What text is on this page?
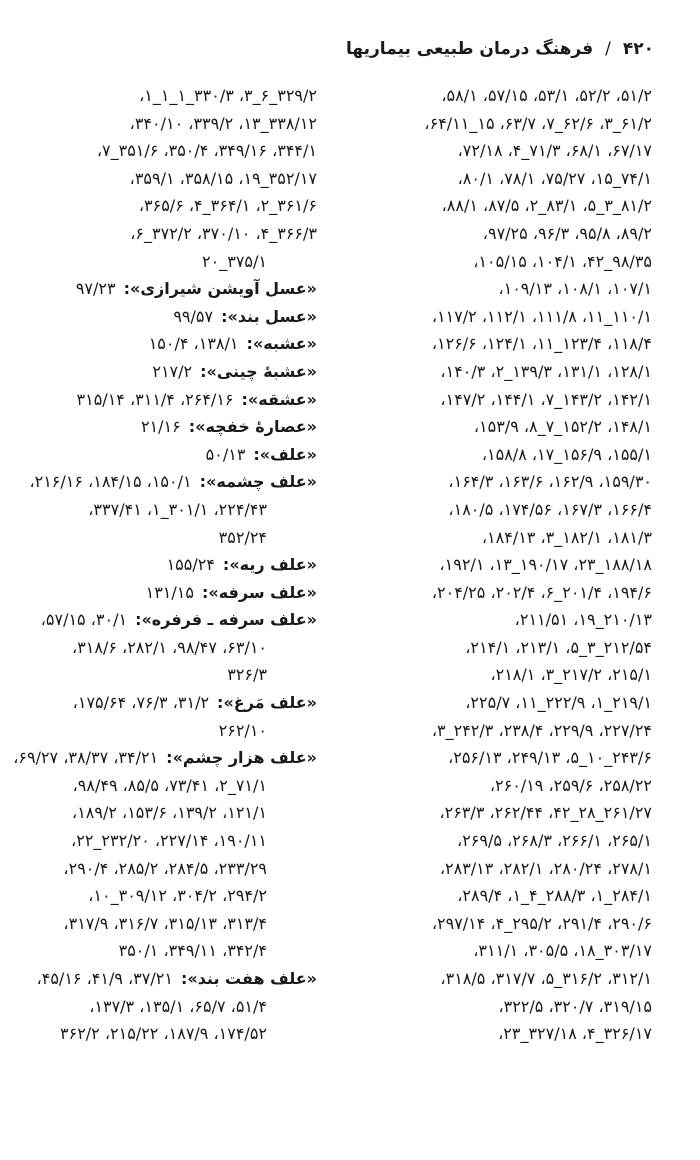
۴۲۰
/
فرهنگ درمان طبیعی بیماریها
۵۱/۲، ۵۲/۲، ۵۳/۱، ۵۷/۱۵، ۵۸/۱،
۶۱/۲_۳، ۶۲/۶_۷، ۶۳/۷، ۱۵_۶۴/۱۱،
۶۷/۱۷، ۶۸/۱، ۷۱/۳_۴، ۷۲/۱۸،
۷۴/۱_۱۵، ۷۵/۲۷، ۷۸/۱، ۸۰/۱،
۸۱/۲_۳_۵، ۸۳/۱_۲، ۸۷/۵، ۸۸/۱،
۸۹/۲، ۹۵/۸، ۹۶/۳، ۹۷/۲۵،
۹۸/۳۵_۴۲، ۱۰۴/۱، ۱۰۵/۱۵،
۱۰۷/۱، ۱۰۸/۱، ۱۰۹/۱۳،
۱۱۰/۱_۱۱، ۱۱۱/۸، ۱۱۲/۱، ۱۱۷/۲،
۱۱۸/۴، ۱۲۳/۴_۱۱، ۱۲۴/۱، ۱۲۶/۶،
۱۲۸/۱، ۱۳۱/۱، ۱۳۹/۳_۲، ۱۴۰/۳،
۱۴۲/۱، ۱۴۳/۲_۷، ۱۴۴/۱، ۱۴۷/۲،
۱۴۸/۱، ۱۵۲/۲_۷_۸، ۱۵۳/۹،
۱۵۵/۱، ۱۵۶/۹_۱۷، ۱۵۸/۸،
۱۵۹/۳۰، ۱۶۲/۹، ۱۶۳/۶، ۱۶۴/۳،
۱۶۶/۴، ۱۶۷/۳، ۱۷۴/۵۶، ۱۸۰/۵،
۱۸۱/۳، ۱۸۲/۱_۳، ۱۸۴/۱۳،
۱۸۸/۱۸_۲۳، ۱۹۰/۱۷_۱۳، ۱۹۲/۱،
۱۹۴/۶، ۲۰۱/۴_۶، ۲۰۲/۴، ۲۰۴/۲۵،
۲۱۰/۱۳_۱۹، ۲۱۱/۵۱،
۲۱۲/۵۴_۳_۵، ۲۱۳/۱، ۲۱۴/۱،
۲۱۵/۱، ۲۱۷/۲_۳، ۲۱۸/۱،
۲۱۹/۱_۱، ۲۲۲/۹_۱۱، ۲۲۵/۷،
۲۲۷/۲۴، ۲۲۹/۹، ۲۳۸/۴، ۲۴۲/۳_۳،
۲۴۳/۶_۱۰_۵، ۲۴۹/۱۳، ۲۵۶/۱۳،
۲۵۸/۲۲، ۲۵۹/۶، ۲۶۰/۱۹،
۲۶۱/۲۷_۲۸_۴۲، ۲۶۲/۴۴، ۲۶۳/۳،
۲۶۵/۱، ۲۶۶/۱، ۲۶۸/۳، ۲۶۹/۵،
۲۷۸/۱، ۲۸۰/۲۴، ۲۸۲/۱، ۲۸۳/۱۳،
۲۸۴/۱_۱، ۲۸۸/۳_۴_۱، ۲۸۹/۴،
۲۹۰/۶، ۲۹۱/۴، ۲۹۵/۲_۴، ۲۹۷/۱۴،
۳۰۳/۱۷_۱۸، ۳۰۵/۵، ۳۱۱/۱،
۳۱۲/۱، ۳۱۶/۲_۵، ۳۱۷/۷، ۳۱۸/۵،
۳۱۹/۱۵، ۳۲۰/۷، ۳۲۲/۵،
۳۲۶/۱۷_۴، ۳۲۷/۱۸_۲۳،
۳۲۹/۲_۶_۳، ۳۳۰/۳_۱_۱_۱،
۳۳۸/۱۲_۱۳، ۳۳۹/۲، ۳۴۰/۱۰،
۳۴۴/۱، ۳۴۹/۱۶، ۳۵۰/۴، ۳۵۱/۶_۷،
۳۵۲/۱۷_۱۹، ۳۵۸/۱۵، ۳۵۹/۱،
۳۶۱/۶_۲، ۳۶۴/۱_۴، ۳۶۵/۶،
۳۶۶/۳_۴، ۳۷۰/۱۰، ۳۷۲/۲_۶،
۳۷۵/۱_۲۰
«عسل آویشن شیرازی»:۹۷/۲۳
«عسل بند»:۹۹/۵۷
«عشبه»:۱۳۸/۱، ۱۵۰/۴
«عشبهٔ چینی»:۲۱۷/۲
«عشقه»:۲۶۴/۱۶، ۳۱۱/۴، ۳۱۵/۱۴
«عصارهٔ خفچه»:۲۱/۱۶
«علف»:۵۰/۱۳
«علف چشمه»:۱۵۰/۱، ۱۸۴/۱۵، ۲۱۶/۱۶،
۲۲۴/۴۳، ۳۰۱/۱_۱، ۳۳۷/۴۱،
۳۵۲/۲۴
«علف ریه»:۱۵۵/۲۴
«علف سرفه»:۱۳۱/۱۵
«علف سرفه ـ فرفره»:۳۰/۱، ۵۷/۱۵،
۶۳/۱۰، ۹۸/۴۷، ۲۸۲/۱، ۳۱۸/۶،
۳۲۶/۳
«علف مَرغ»:۳۱/۲، ۷۶/۳، ۱۷۵/۶۴،
۲۶۲/۱۰
«علف هزار چشم»:۳۴/۲۱، ۳۸/۳۷، ۶۹/۲۷،
۷۱/۱_۲، ۷۳/۴۱، ۸۵/۵، ۹۸/۴۹،
۱۲۱/۱، ۱۳۹/۲، ۱۵۳/۶، ۱۸۹/۲،
۱۹۰/۱۱، ۲۲۷/۱۴، ۲۳۲/۲۰_۲۲،
۲۳۳/۲۹، ۲۸۴/۵، ۲۸۵/۲، ۲۹۰/۴،
۲۹۴/۲، ۳۰۴/۲، ۳۰۹/۱۲_۱۰،
۳۱۳/۴، ۳۱۵/۱۳، ۳۱۶/۷، ۳۱۷/۹،
۳۴۲/۴، ۳۴۹/۱۱، ۳۵۰/۱
«علف هفت بند»:۳۷/۲۱، ۴۱/۹، ۴۵/۱۶،
۵۱/۴، ۶۵/۷، ۱۳۵/۱، ۱۳۷/۳،
۱۷۴/۵۲، ۱۸۷/۹، ۲۱۵/۲۲، ۳۶۲/۲
